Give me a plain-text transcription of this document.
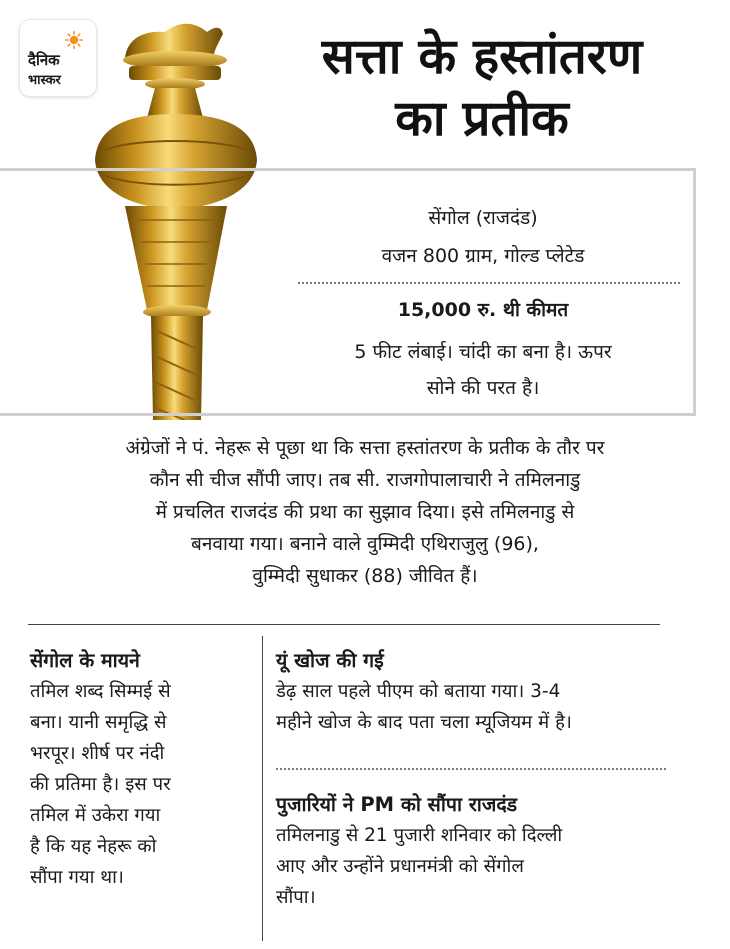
दैनिक
भास्कर	सत्ता के हस्तांतरण
का प्रतीक
सेंगोल (राजदंड)
वजन 800 ग्राम, गोल्ड प्लेटेड
15,000 रु. थी कीमत
5 फीट लंबाई। चांदी का बना है। ऊपर
सोने की परत है।
अंग्रेजों ने पं. नेहरू से पूछा था कि सत्ता हस्तांतरण के प्रतीक के तौर पर
कौन सी चीज सौंपी जाए। तब सी. राजगोपालाचारी ने तमिलनाडु
में प्रचलित राजदंड की प्रथा का सुझाव दिया। इसे तमिलनाडु से
बनवाया गया। बनाने वाले वुम्मिदी एथिराजुलु (96),
वुम्मिदी सुधाकर (88) जीवित हैं।
सेंगोल के मायने
तमिल शब्द सिम्मई से
बना। यानी समृद्धि से
भरपूर। शीर्ष पर नंदी
की प्रतिमा है। इस पर
तमिल में उकेरा गया
है कि यह नेहरू को
सौंपा गया था।
यूं खोज की गई
डेढ़ साल पहले पीएम को बताया गया। 3-4
महीने खोज के बाद पता चला म्यूजियम में है।
पुजारियों ने PM को सौंपा राजदंड
तमिलनाडु से 21 पुजारी शनिवार को दिल्ली
आए और उन्होंने प्रधानमंत्री को सेंगोल
सौंपा।
